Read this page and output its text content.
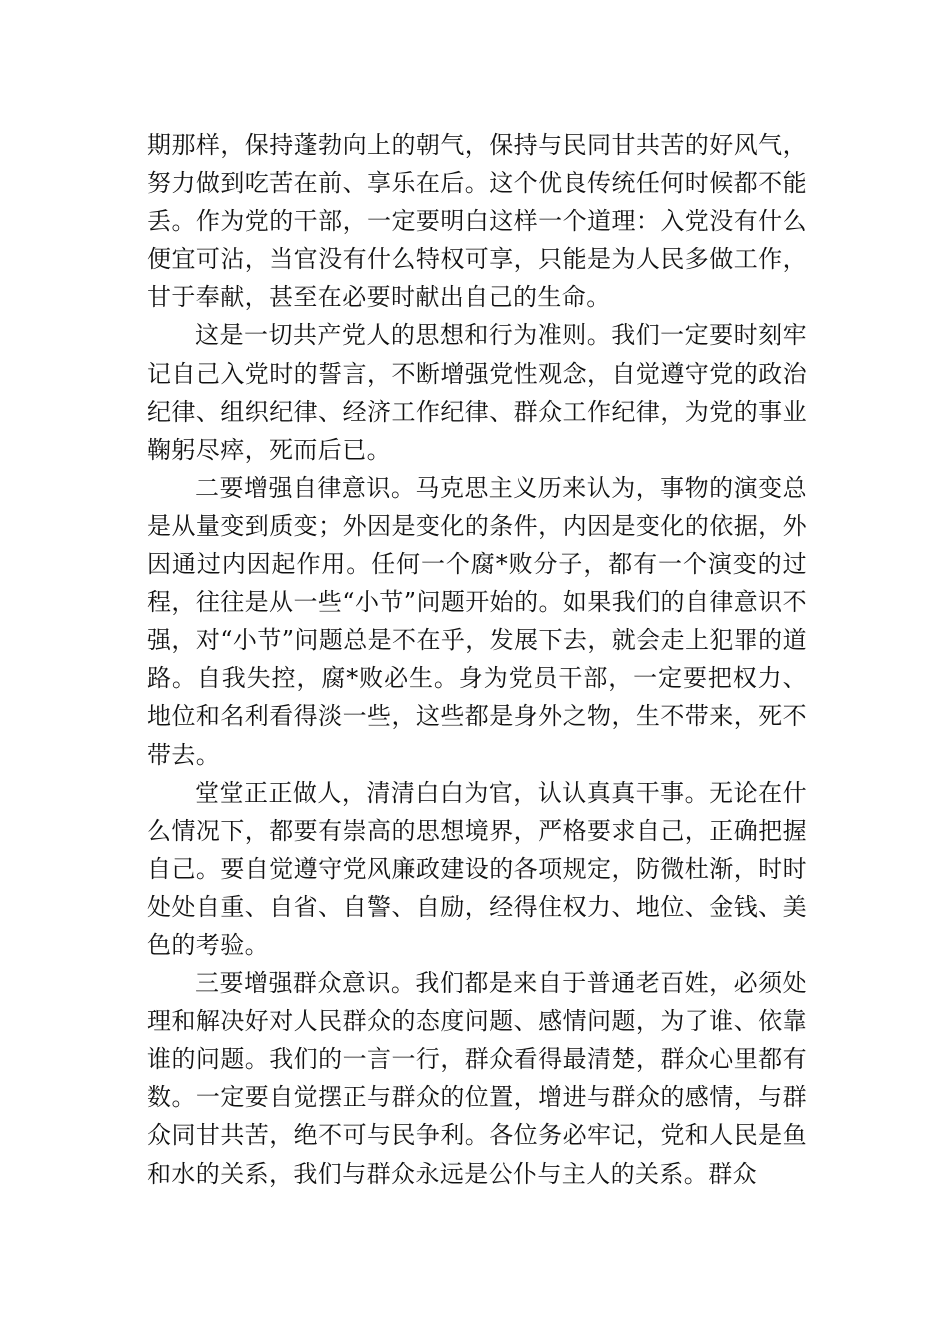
期那样，保持蓬勃向上的朝气，保持与民同甘共苦的好风气，努力做到吃苦在前、享乐在后。这个优良传统任何时候都不能丢。作为党的干部，一定要明白这样一个道理：入党没有什么便宜可沾，当官没有什么特权可享，只能是为人民多做工作，甘于奉献，甚至在必要时献出自己的生命。

这是一切共产党人的思想和行为准则。我们一定要时刻牢记自己入党时的誓言，不断增强党性观念，自觉遵守党的政治纪律、组织纪律、经济工作纪律、群众工作纪律，为党的事业鞠躬尽瘁，死而后已。

二要增强自律意识。马克思主义历来认为，事物的演变总是从量变到质变；外因是变化的条件，内因是变化的依据，外因通过内因起作用。任何一个腐*败分子，都有一个演变的过程，往往是从一些“小节”问题开始的。如果我们的自律意识不强，对“小节”问题总是不在乎，发展下去，就会走上犯罪的道路。自我失控，腐*败必生。身为党员干部，一定要把权力、地位和名利看得淡一些，这些都是身外之物，生不带来，死不带去。

堂堂正正做人，清清白白为官，认认真真干事。无论在什么情况下，都要有崇高的思想境界，严格要求自己，正确把握自己。要自觉遵守党风廉政建设的各项规定，防微杜渐，时时处处自重、自省、自警、自励，经得住权力、地位、金钱、美色的考验。

三要增强群众意识。我们都是来自于普通老百姓，必须处理和解决好对人民群众的态度问题、感情问题，为了谁、依靠谁的问题。我们的一言一行，群众看得最清楚，群众心里都有数。一定要自觉摆正与群众的位置，增进与群众的感情，与群众同甘共苦，绝不可与民争利。各位务必牢记，党和人民是鱼和水的关系，我们与群众永远是公仆与主人的关系。群众
